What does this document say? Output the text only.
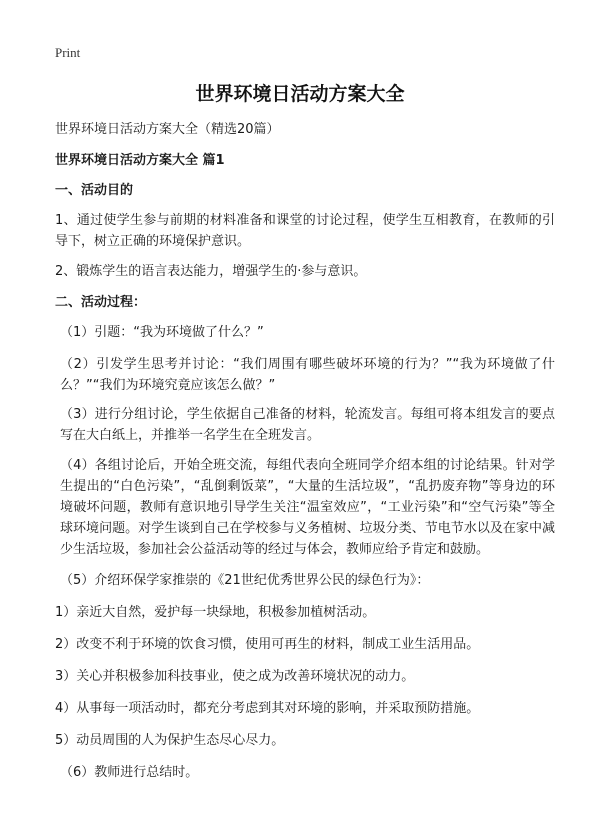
Print
世界环境日活动方案大全

世界环境日活动方案大全（精选20篇）

世界环境日活动方案大全 篇1

一、活动目的

1、通过使学生参与前期的材料准备和课堂的讨论过程，使学生互相教育，在教师的引导下，树立正确的环境保护意识。

2、锻炼学生的语言表达能力，增强学生的·参与意识。

二、活动过程：

（1）引题：“我为环境做了什么？”

（2）引发学生思考并讨论：“我们周围有哪些破坏环境的行为？”“我为环境做了什么？”“我们为环境究竟应该怎么做？”

（3）进行分组讨论，学生依据自己准备的材料，轮流发言。每组可将本组发言的要点写在大白纸上，并推举一名学生在全班发言。

（4）各组讨论后，开始全班交流，每组代表向全班同学介绍本组的讨论结果。针对学生提出的“白色污染”，“乱倒剩饭菜”，“大量的生活垃圾”，“乱扔废弃物”等身边的环境破坏问题，教师有意识地引导学生关注“温室效应”，“工业污染”和“空气污染”等全球环境问题。对学生谈到自己在学校参与义务植树、垃圾分类、节电节水以及在家中减少生活垃圾，参加社会公益活动等的经过与体会，教师应给予肯定和鼓励。

（5）介绍环保学家推崇的《21世纪优秀世界公民的绿色行为》：

1）亲近大自然，爱护每一块绿地，积极参加植树活动。

2）改变不利于环境的饮食习惯，使用可再生的材料，制成工业生活用品。

3）关心并积极参加科技事业，使之成为改善环境状况的动力。

4）从事每一项活动时，都充分考虑到其对环境的影响，并采取预防措施。

5）动员周围的人为保护生态尽心尽力。

（6）教师进行总结时。
